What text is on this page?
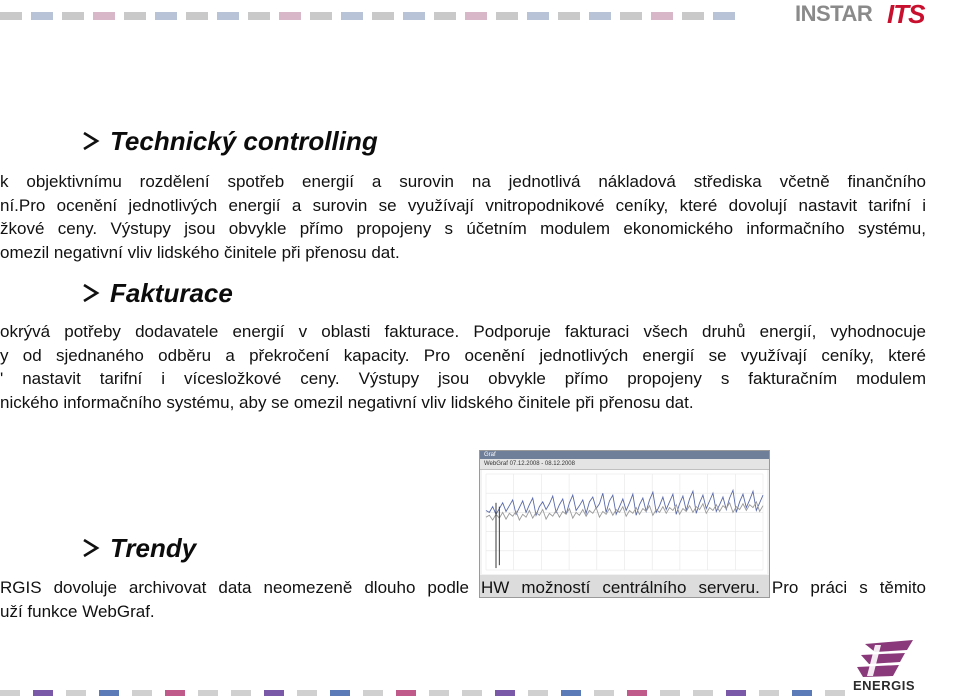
INSTAR ITS
Technický controlling
k objektivnímu rozdělení spotřeb energií a surovin na jednotlivá nákladová střediska včetně finančního
ní.Pro ocenění jednotlivých energií a surovin se využívají vnitropodnikové ceníky, které dovolují nastavit tarifní i
žkové ceny. Výstupy jsou obvykle přímo propojeny s účetním modulem ekonomického informačního systému,
omezil negativní vliv lidského činitele při přenosu dat.
Fakturace
okrývá potřeby dodavatele energií v oblasti fakturace. Podporuje fakturaci všech druhů energií, vyhodnocuje
y od sjednaného odběru a překročení kapacity. Pro ocenění jednotlivých energií se využívají ceníky, které
' nastavit tarifní i vícesložkové ceny. Výstupy jsou obvykle přímo propojeny s fakturačním modulem
nického informačního systému, aby se omezil negativní vliv lidského činitele při přenosu dat.
Graf
WebGraf 07.12.2008 - 08.12.2008
Trendy
RGIS dovoluje archivovat data neomezeně dlouho podle HW možností centrálního serveru. Pro práci s těmito
uží funkce WebGraf.
ENERGIS
